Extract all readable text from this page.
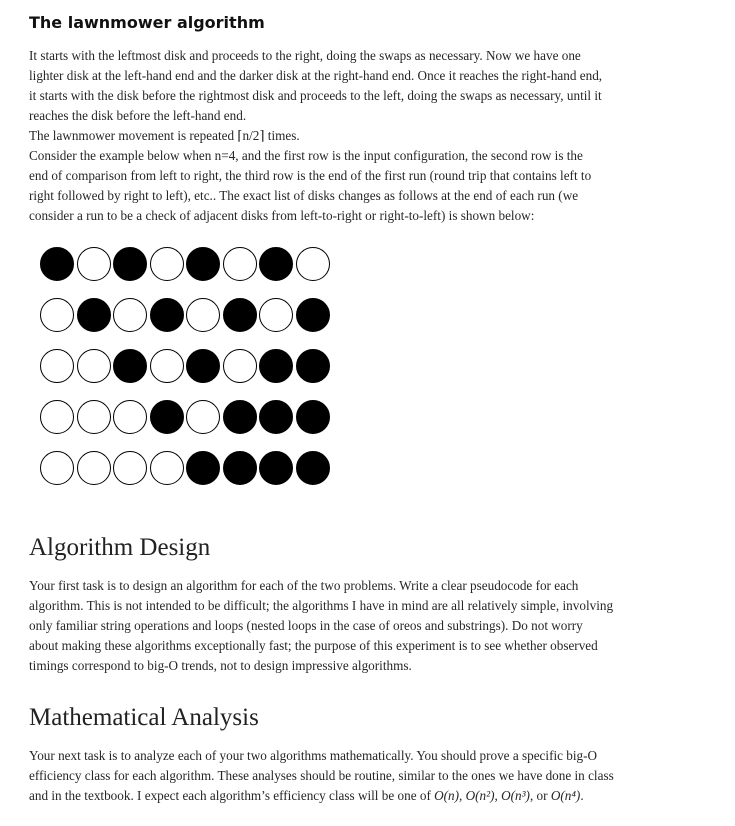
The lawnmower algorithm
It starts with the leftmost disk and proceeds to the right, doing the swaps as necessary. Now we have one
lighter disk at the left-hand end and the darker disk at the right-hand end. Once it reaches the right-hand end,
it starts with the disk before the rightmost disk and proceeds to the left, doing the swaps as necessary, until it
reaches the disk before the left-hand end.
The lawnmower movement is repeated ⌈n/2⌉ times.
Consider the example below when n=4, and the first row is the input configuration, the second row is the
end of comparison from left to right, the third row is the end of the first run (round trip that contains left to
right followed by right to left), etc.. The exact list of disks changes as follows at the end of each run (we
consider a run to be a check of adjacent disks from left-to-right or right-to-left) is shown below:
Algorithm Design
Your first task is to design an algorithm for each of the two problems. Write a clear pseudocode for each
algorithm. This is not intended to be difficult; the algorithms I have in mind are all relatively simple, involving
only familiar string operations and loops (nested loops in the case of oreos and substrings). Do not worry
about making these algorithms exceptionally fast; the purpose of this experiment is to see whether observed
timings correspond to big-O trends, not to design impressive algorithms.
Mathematical Analysis
Your next task is to analyze each of your two algorithms mathematically. You should prove a specific big-O
efficiency class for each algorithm. These analyses should be routine, similar to the ones we have done in class
and in the textbook. I expect each algorithm’s efficiency class will be one of O(n), O(n²), O(n³), or O(n⁴).
